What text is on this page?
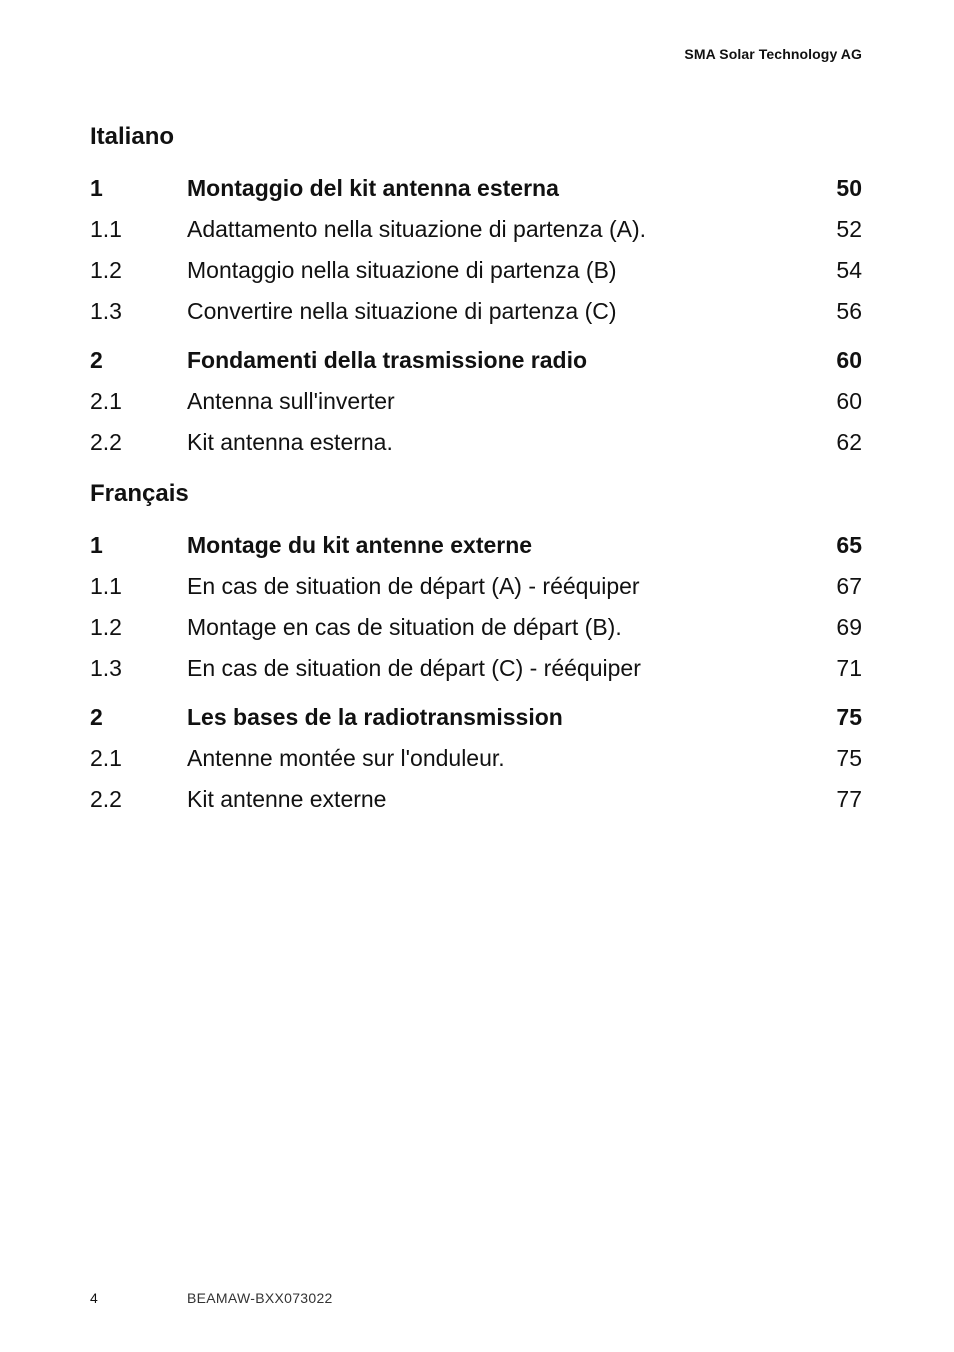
SMA Solar Technology AG
Italiano
1	Montaggio del kit antenna esterna	50
1.1	Adattamento nella situazione di partenza (A).	52
1.2	Montaggio nella situazione di partenza (B)	54
1.3	Convertire nella situazione di partenza (C)	56
2	Fondamenti della trasmissione radio	60
2.1	Antenna sull'inverter	60
2.2	Kit antenna esterna.	62
Français
1	Montage du kit antenne externe	65
1.1	En cas de situation de départ (A) - rééquiper	67
1.2	Montage en cas de situation de départ (B).	69
1.3	En cas de situation de départ (C) - rééquiper	71
2	Les bases de la radiotransmission	75
2.1	Antenne montée sur l'onduleur.	75
2.2	Kit antenne externe	77
4	BEAMAW-BXX073022
